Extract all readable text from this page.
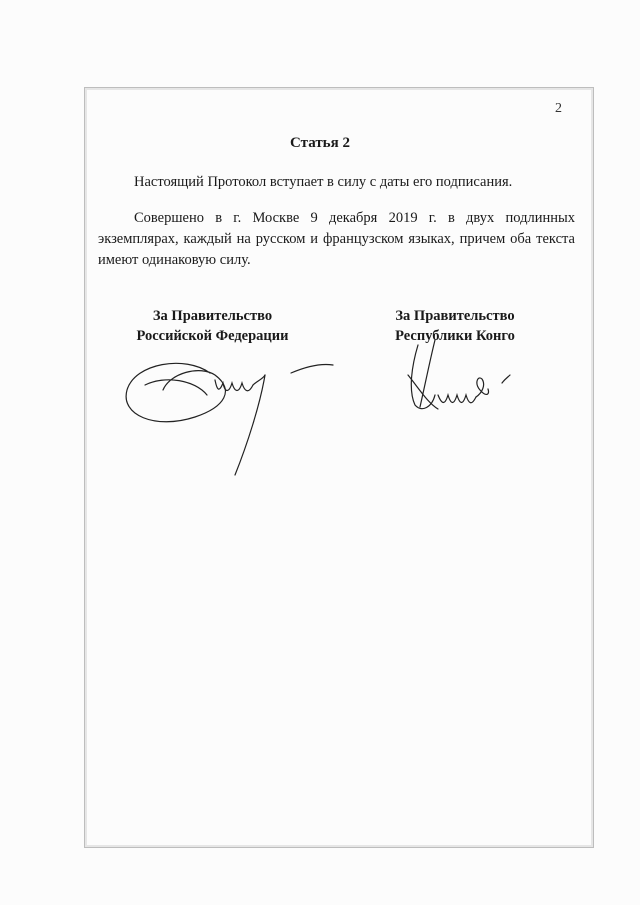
2
Статья 2

Настоящий Протокол вступает в силу с даты его подписания.

Совершено в г. Москве 9 декабря 2019 г. в двух подлинных экземплярах, каждый на русском и французском языках, причем оба текста имеют одинаковую силу.

За Правительство
Российской Федерации
За Правительство
Республики Конго
